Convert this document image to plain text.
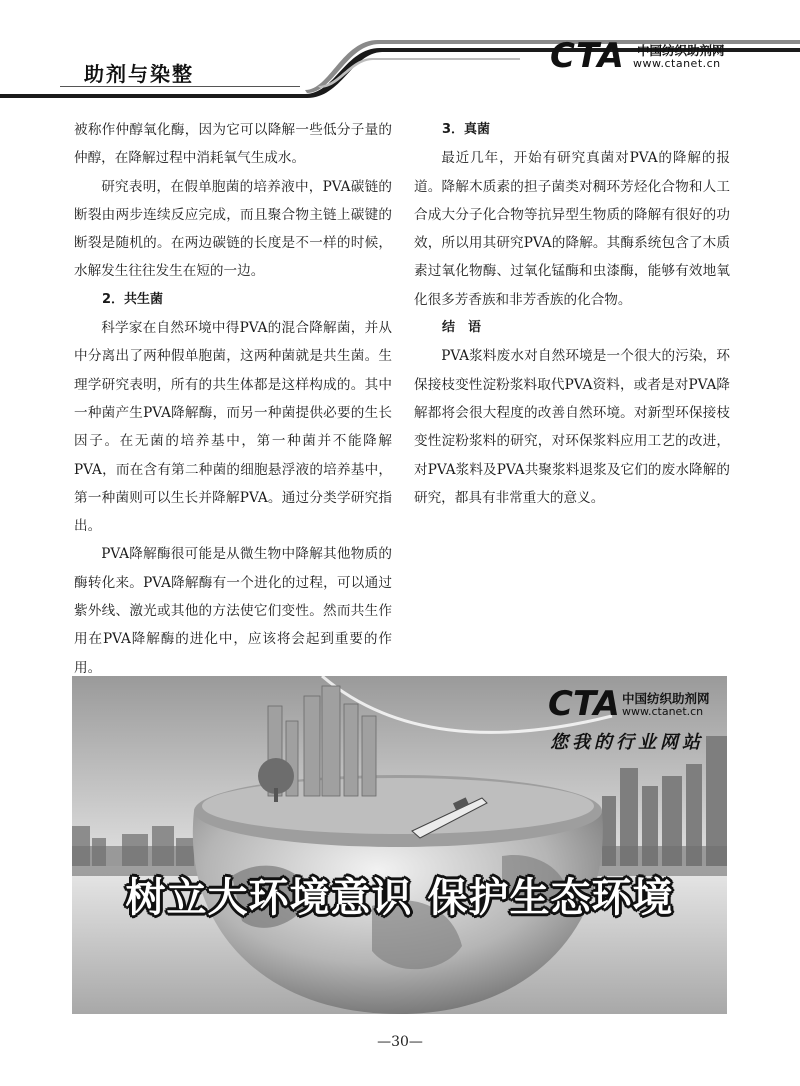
助剂与染整	CTA 中国纺织助剂网
www.ctanet.cn

被称作仲醇氧化酶，因为它可以降解一些低分子量的仲醇，在降解过程中消耗氧气生成水。

研究表明，在假单胞菌的培养液中，PVA碳链的断裂由两步连续反应完成，而且聚合物主链上碳键的断裂是随机的。在两边碳链的长度是不一样的时候，水解发生往往发生在短的一边。

2．共生菌

科学家在自然环境中得PVA的混合降解菌，并从中分离出了两种假单胞菌，这两种菌就是共生菌。生理学研究表明，所有的共生体都是这样构成的。其中一种菌产生PVA降解酶，而另一种菌提供必要的生长因子。在无菌的培养基中，第一种菌并不能降解PVA，而在含有第二种菌的细胞悬浮液的培养基中，第一种菌则可以生长并降解PVA。通过分类学研究指出。

PVA降解酶很可能是从微生物中降解其他物质的酶转化来。PVA降解酶有一个进化的过程，可以通过紫外线、激光或其他的方法使它们变性。然而共生作用在PVA降解酶的进化中，应该将会起到重要的作用。

3．真菌

最近几年，开始有研究真菌对PVA的降解的报道。降解木质素的担子菌类对稠环芳烃化合物和人工合成大分子化合物等抗异型生物质的降解有很好的功效，所以用其研究PVA的降解。其酶系统包含了木质素过氧化物酶、过氧化锰酶和虫漆酶，能够有效地氧化很多芳香族和非芳香族的化合物。

结　语

PVA浆料废水对自然环境是一个很大的污染，环保接枝变性淀粉浆料取代PVA资料，或者是对PVA降解都将会很大程度的改善自然环境。对新型环保接枝变性淀粉浆料的研究，对环保浆料应用工艺的改进，对PVA浆料及PVA共聚浆料退浆及它们的废水降解的研究，都具有非常重大的意义。

CTA 中国纺织助剂网
www.ctanet.cn
您我的行业网站
树立大环境意识 保护生态环境
—30—
